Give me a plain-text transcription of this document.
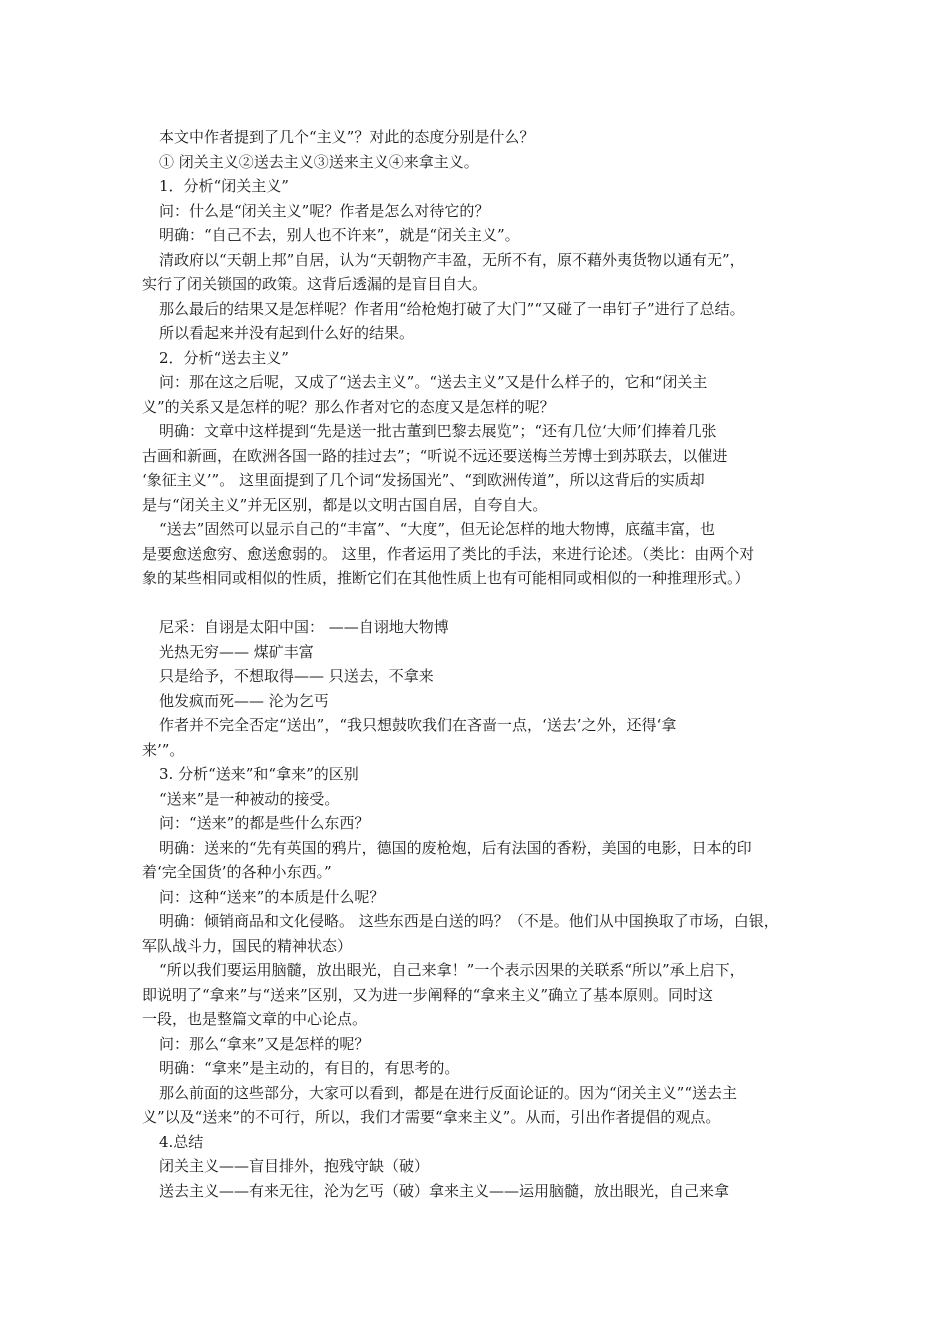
本文中作者提到了几个“主义”？对此的态度分别是什么？

① 闭关主义②送去主义③送来主义④来拿主义。

1．分析“闭关主义”

问：什么是“闭关主义”呢？作者是怎么对待它的？

明确：“自己不去，别人也不许来”，就是“闭关主义”。

清政府以“天朝上邦”自居，认为“天朝物产丰盈，无所不有，原不藉外夷货物以通有无”，

实行了闭关锁国的政策。这背后透漏的是盲目自大。

那么最后的结果又是怎样呢？作者用“给枪炮打破了大门”“又碰了一串钉子”进行了总结。

所以看起来并没有起到什么好的结果。

2．分析“送去主义”

问：那在这之后呢，又成了“送去主义”。“送去主义”又是什么样子的，它和“闭关主

义”的关系又是怎样的呢？那么作者对它的态度又是怎样的呢？

明确：文章中这样提到“先是送一批古董到巴黎去展览”；“还有几位‘大师’们捧着几张

古画和新画，在欧洲各国一路的挂过去”；“听说不远还要送梅兰芳博士到苏联去，以催进

‘象征主义’”。 这里面提到了几个词“发扬国光”、“到欧洲传道”，所以这背后的实质却

是与“闭关主义”并无区别，都是以文明古国自居，自夸自大。

“送去”固然可以显示自己的“丰富”、“大度”，但无论怎样的地大物博，底蕴丰富，也

是要愈送愈穷、愈送愈弱的。 这里，作者运用了类比的手法，来进行论述。（类比：由两个对

象的某些相同或相似的性质，推断它们在其他性质上也有可能相同或相似的一种推理形式。）

尼采：自诩是太阳中国： ——自诩地大物博

光热无穷—— 煤矿丰富

只是给予，不想取得—— 只送去，不拿来

他发疯而死—— 沦为乞丐

作者并不完全否定“送出”，“我只想鼓吹我们在吝啬一点，‘送去’之外，还得‘拿

来’”。

3. 分析“送来”和“拿来”的区别

“送来”是一种被动的接受。

问：“送来”的都是些什么东西？

明确：送来的“先有英国的鸦片，德国的废枪炮，后有法国的香粉，美国的电影，日本的印

着‘完全国货’的各种小东西。”

问：这种“送来”的本质是什么呢？

明确：倾销商品和文化侵略。 这些东西是白送的吗？（不是。他们从中国换取了市场，白银，

军队战斗力，国民的精神状态）

“所以我们要运用脑髓，放出眼光，自己来拿！”一个表示因果的关联系“所以”承上启下，

即说明了“拿来”与“送来”区别，又为进一步阐释的“拿来主义”确立了基本原则。同时这

一段，也是整篇文章的中心论点。

问：那么“拿来”又是怎样的呢？

明确：“拿来”是主动的，有目的，有思考的。

那么前面的这些部分，大家可以看到，都是在进行反面论证的。因为“闭关主义”“送去主

义”以及“送来”的不可行，所以，我们才需要“拿来主义”。从而，引出作者提倡的观点。

4.总结

闭关主义——盲目排外，抱残守缺（破）

送去主义——有来无往，沦为乞丐（破）拿来主义——运用脑髓，放出眼光，自己来拿
